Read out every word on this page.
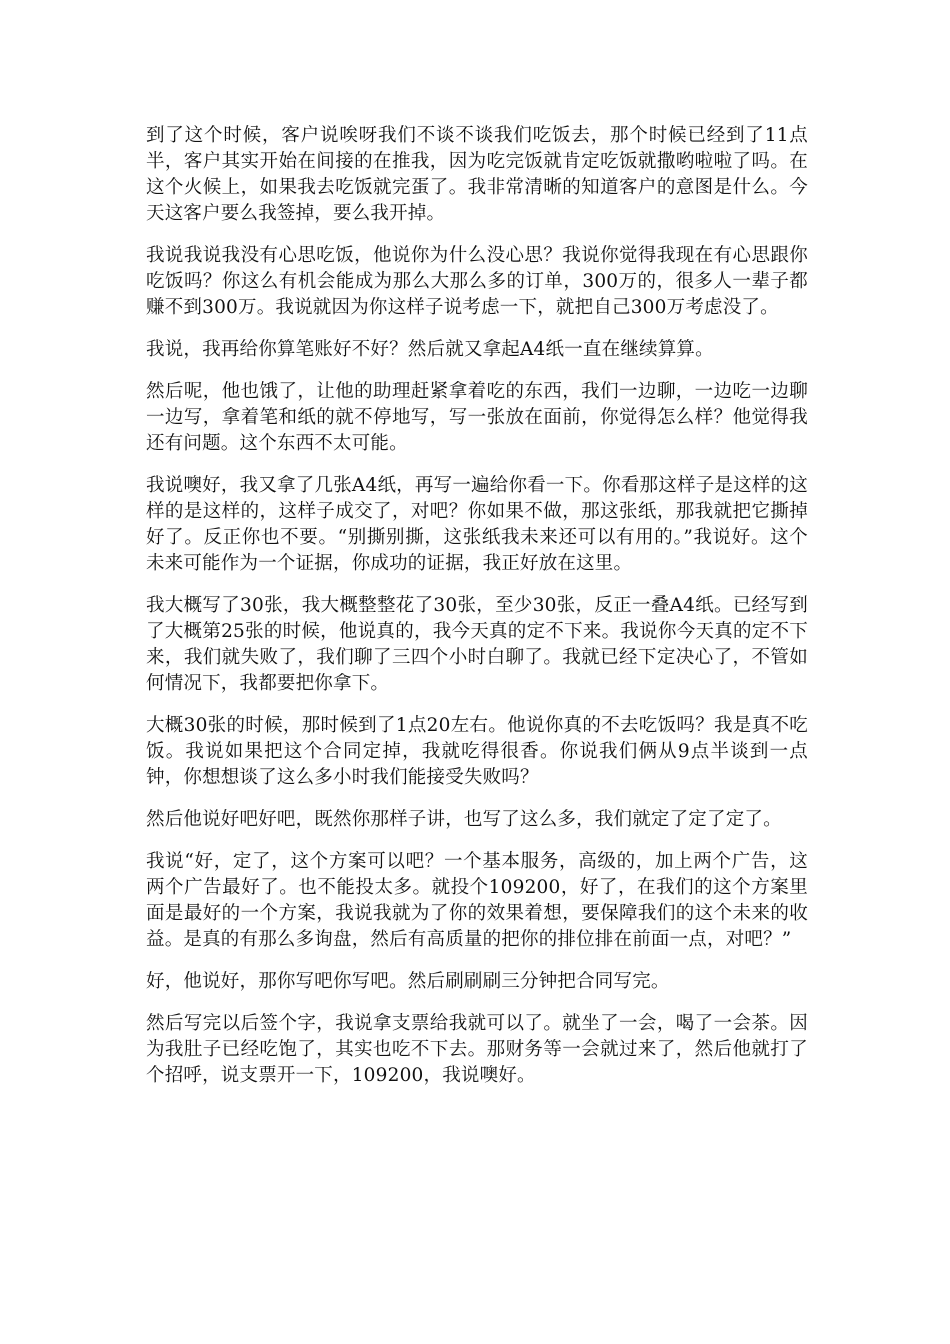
到了这个时候，客户说唉呀我们不谈不谈我们吃饭去，那个时候已经到了11点半，客户其实开始在间接的在推我，因为吃完饭就肯定吃饭就撒哟啦啦了吗。在这个火候上，如果我去吃饭就完蛋了。我非常清晰的知道客户的意图是什么。今天这客户要么我签掉，要么我开掉。

我说我说我没有心思吃饭，他说你为什么没心思？我说你觉得我现在有心思跟你吃饭吗？你这么有机会能成为那么大那么多的订单，300万的，很多人一辈子都赚不到300万。我说就因为你这样子说考虑一下，就把自己300万考虑没了。

我说，我再给你算笔账好不好？然后就又拿起A4纸一直在继续算算。

然后呢，他也饿了，让他的助理赶紧拿着吃的东西，我们一边聊，一边吃一边聊一边写，拿着笔和纸的就不停地写，写一张放在面前，你觉得怎么样？他觉得我还有问题。这个东西不太可能。

我说噢好，我又拿了几张A4纸，再写一遍给你看一下。你看那这样子是这样的这样的是这样的，这样子成交了，对吧？你如果不做，那这张纸，那我就把它撕掉好了。反正你也不要。“别撕别撕，这张纸我未来还可以有用的。”我说好。这个未来可能作为一个证据，你成功的证据，我正好放在这里。

我大概写了30张，我大概整整花了30张，至少30张，反正一叠A4纸。已经写到了大概第25张的时候，他说真的，我今天真的定不下来。我说你今天真的定不下来，我们就失败了，我们聊了三四个小时白聊了。我就已经下定决心了，不管如何情况下，我都要把你拿下。

大概30张的时候，那时候到了1点20左右。他说你真的不去吃饭吗？我是真不吃饭。我说如果把这个合同定掉，我就吃得很香。你说我们俩从9点半谈到一点钟，你想想谈了这么多小时我们能接受失败吗？

然后他说好吧好吧，既然你那样子讲，也写了这么多，我们就定了定了定了。

我说“好，定了，这个方案可以吧？一个基本服务，高级的，加上两个广告，这两个广告最好了。也不能投太多。就投个109200，好了，在我们的这个方案里面是最好的一个方案，我说我就为了你的效果着想，要保障我们的这个未来的收益。是真的有那么多询盘，然后有高质量的把你的排位排在前面一点，对吧？”

好，他说好，那你写吧你写吧。然后刷刷刷三分钟把合同写完。

然后写完以后签个字，我说拿支票给我就可以了。就坐了一会，喝了一会茶。因为我肚子已经吃饱了，其实也吃不下去。那财务等一会就过来了，然后他就打了个招呼，说支票开一下，109200，我说噢好。
